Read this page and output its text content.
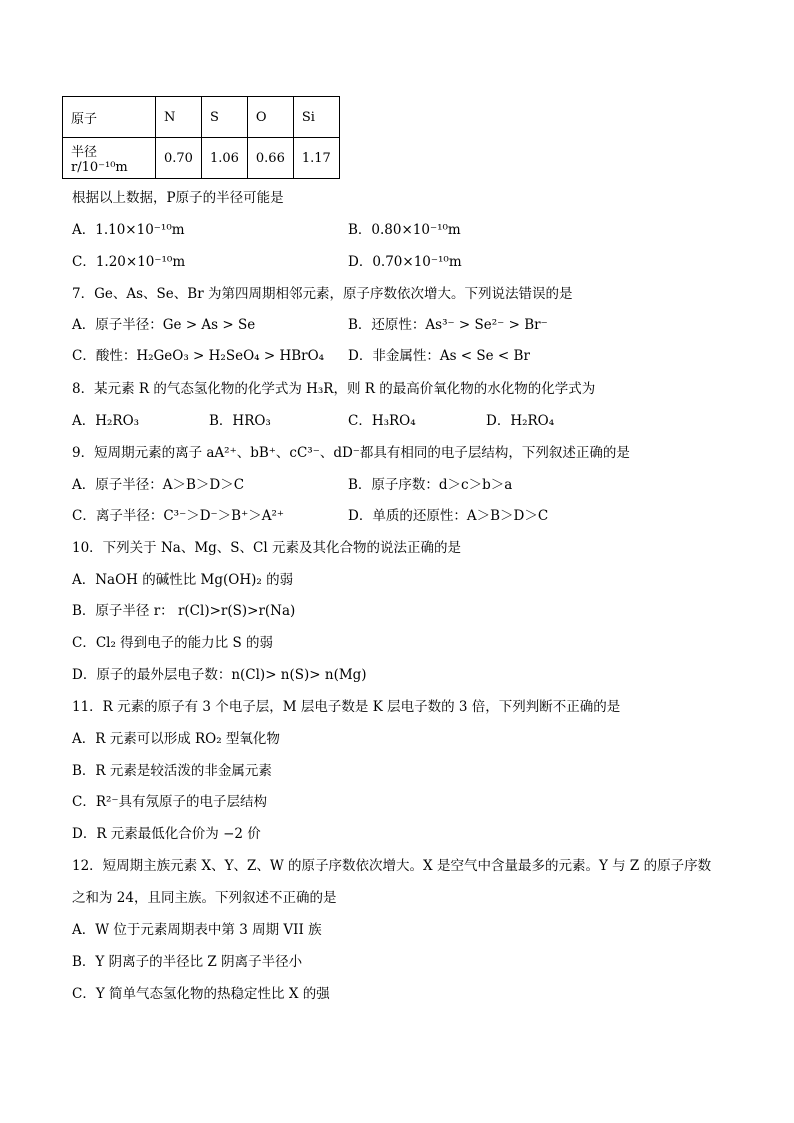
原子	N	S	O	Si
半径r/10⁻¹⁰m	0.70	1.06	0.66	1.17
根据以上数据，P原子的半径可能是
A．1.10×10⁻¹⁰m	B．0.80×10⁻¹⁰m
C．1.20×10⁻¹⁰m	D．0.70×10⁻¹⁰m
7．Ge、As、Se、Br 为第四周期相邻元素，原子序数依次增大。下列说法错误的是
A．原子半径：Ge > As > Se	B．还原性：As³⁻ > Se²⁻ > Br⁻
C．酸性：H₂GeO₃ > H₂SeO₄ > HBrO₄ D．非金属性：As < Se < Br
8．某元素 R 的气态氢化物的化学式为 H₃R，则 R 的最高价氧化物的水化物的化学式为
A．H₂RO₃	B．HRO₃	C．H₃RO₄	D．H₂RO₄
9．短周期元素的离子 aA²⁺、bB⁺、cC³⁻、dD⁻都具有相同的电子层结构，下列叙述正确的是
A．原子半径：A＞B＞D＞C	B．原子序数：d＞c＞b＞a
C．离子半径：C³⁻＞D⁻＞B⁺＞A²⁺	D．单质的还原性：A＞B＞D＞C
10．下列关于 Na、Mg、S、Cl 元素及其化合物的说法正确的是
A．NaOH 的碱性比 Mg(OH)₂ 的弱
B．原子半径 r： r(Cl)>r(S)>r(Na)
C．Cl₂ 得到电子的能力比 S 的弱
D．原子的最外层电子数：n(Cl)> n(S)> n(Mg)
11．R 元素的原子有 3 个电子层，M 层电子数是 K 层电子数的 3 倍，下列判断不正确的是
A．R 元素可以形成 RO₂ 型氧化物
B．R 元素是较活泼的非金属元素
C．R²⁻具有氖原子的电子层结构
D．R 元素最低化合价为 −2 价
12．短周期主族元素 X、Y、Z、W 的原子序数依次增大。X 是空气中含量最多的元素。Y 与 Z 的原子序数
之和为 24，且同主族。下列叙述不正确的是
A．W 位于元素周期表中第 3 周期 VII 族
B．Y 阴离子的半径比 Z 阴离子半径小
C．Y 简单气态氢化物的热稳定性比 X 的强
